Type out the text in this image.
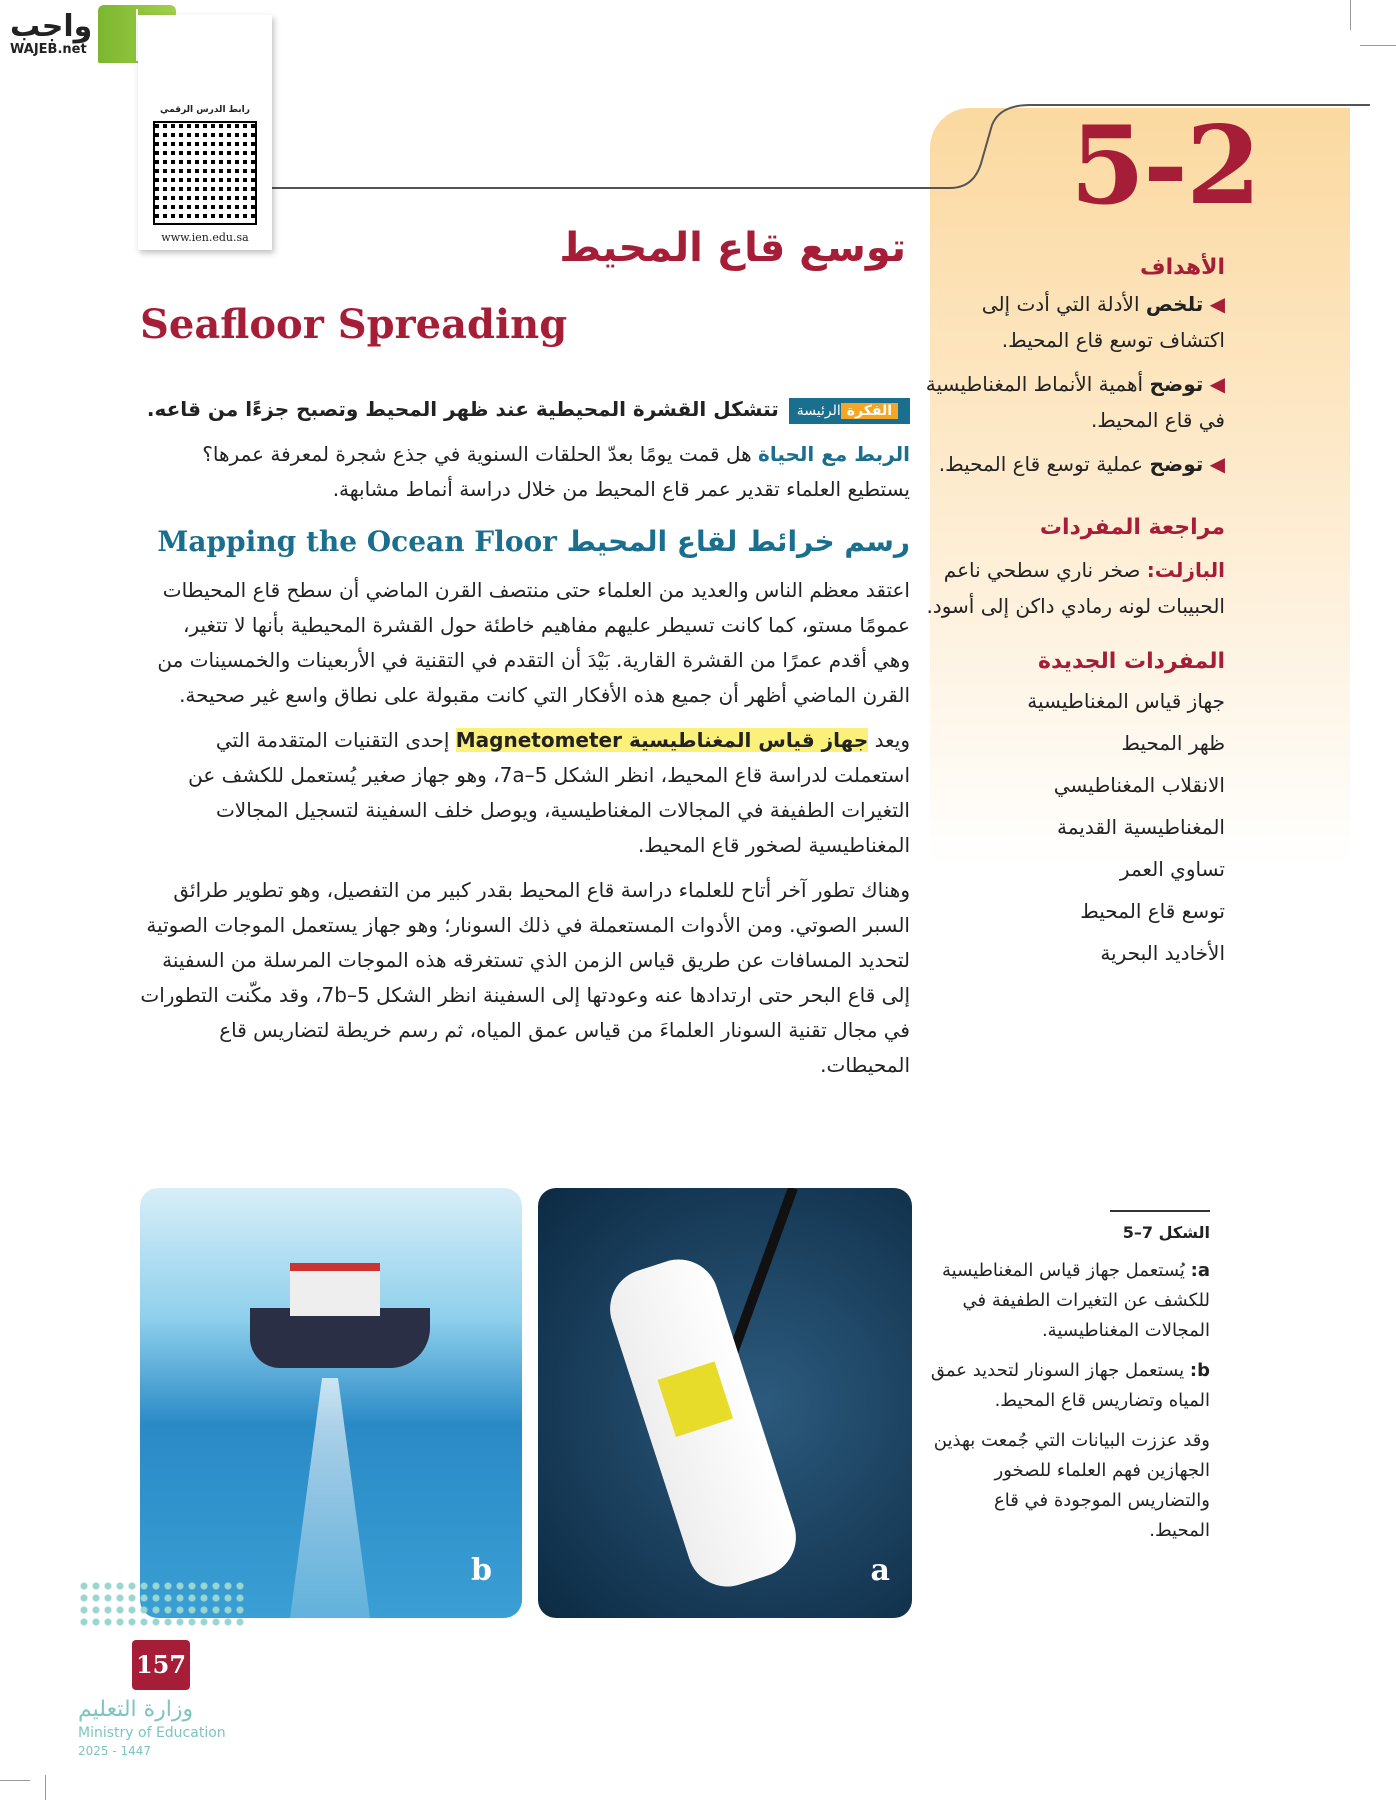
واجب
WAJEB.net
رابط الدرس الرقمي
www.ien.edu.sa
5-2
توسع قاع المحيط
Seafloor Spreading
الفكرةالرئيسةتتشكل القشرة المحيطية عند ظهر المحيط وتصبح جزءًا من قاعه.
الربط مع الحياة هل قمت يومًا بعدّ الحلقات السنوية في جذع شجرة لمعرفة عمرها؟ يستطيع العلماء تقدير عمر قاع المحيط من خلال دراسة أنماط مشابهة.
رسم خرائط لقاع المحيط Mapping the Ocean Floor
اعتقد معظم الناس والعديد من العلماء حتى منتصف القرن الماضي أن سطح قاع المحيطات عمومًا مستو، كما كانت تسيطر عليهم مفاهيم خاطئة حول القشرة المحيطية بأنها لا تتغير، وهي أقدم عمرًا من القشرة القارية. بَيْدَ أن التقدم في التقنية في الأربعينات والخمسينات من القرن الماضي أظهر أن جميع هذه الأفكار التي كانت مقبولة على نطاق واسع غير صحيحة.
ويعد جهاز قياس المغناطيسية Magnetometer إحدى التقنيات المتقدمة التي استعملت لدراسة قاع المحيط، انظر الشكل 7a–5، وهو جهاز صغير يُستعمل للكشف عن التغيرات الطفيفة في المجالات المغناطيسية، ويوصل خلف السفينة لتسجيل المجالات المغناطيسية لصخور قاع المحيط.
وهناك تطور آخر أتاح للعلماء دراسة قاع المحيط بقدر كبير من التفصيل، وهو تطوير طرائق السبر الصوتي. ومن الأدوات المستعملة في ذلك السونار؛ وهو جهاز يستعمل الموجات الصوتية لتحديد المسافات عن طريق قياس الزمن الذي تستغرقه هذه الموجات المرسلة من السفينة إلى قاع البحر حتى ارتدادها عنه وعودتها إلى السفينة انظر الشكل 7b–5، وقد مكّنت التطورات في مجال تقنية السونار العلماءَ من قياس عمق المياه، ثم رسم خريطة لتضاريس قاع المحيطات.
الأهداف
◀ تلخص الأدلة التي أدت إلى اكتشاف توسع قاع المحيط.
◀ توضح أهمية الأنماط المغناطيسية في قاع المحيط.
◀ توضح عملية توسع قاع المحيط.
مراجعة المفردات
البازلت: صخر ناري سطحي ناعم الحبيبات لونه رمادي داكن إلى أسود.
المفردات الجديدة
جهاز قياس المغناطيسية
ظهر المحيط
الانقلاب المغناطيسي
المغناطيسية القديمة
تساوي العمر
توسع قاع المحيط
الأخاديد البحرية
b	a
الشكل 7–5
a: يُستعمل جهاز قياس المغناطيسية للكشف عن التغيرات الطفيفة في المجالات المغناطيسية.
b: يستعمل جهاز السونار لتحديد عمق المياه وتضاريس قاع المحيط.
وقد عززت البيانات التي جُمعت بهذين الجهازين فهم العلماء للصخور والتضاريس الموجودة في قاع المحيط.
157
وزارة التعليم
Ministry of Education
2025 - 1447
